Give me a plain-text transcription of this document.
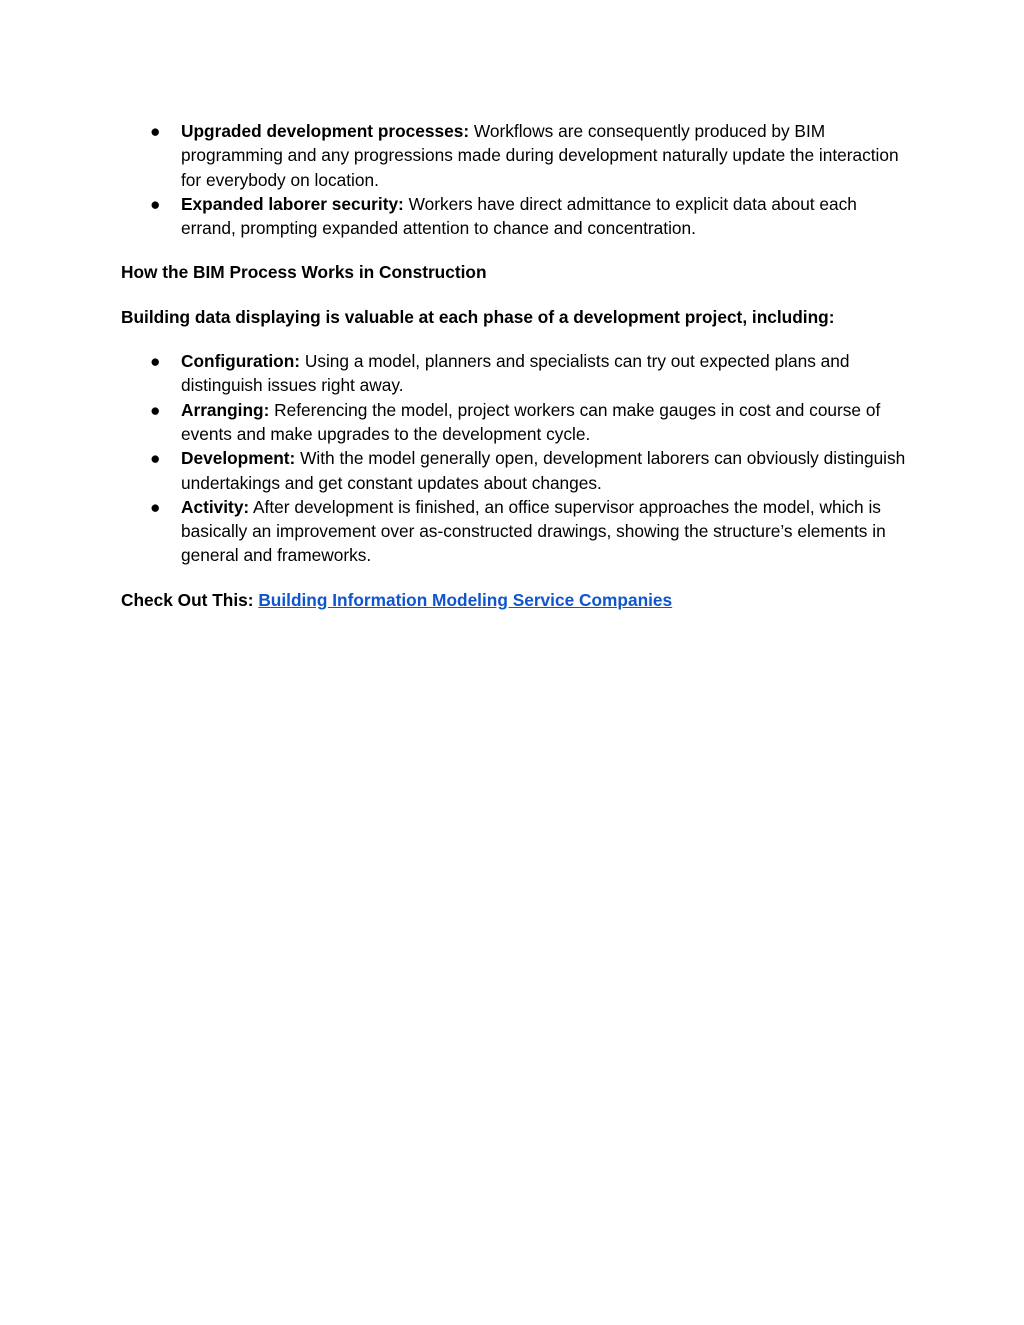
●	Upgraded development processes: Workflows are consequently produced by BIM programming and any progressions made during development naturally update the interaction for everybody on location.
●	Expanded laborer security: Workers have direct admittance to explicit data about each errand, prompting expanded attention to chance and concentration.

How the BIM Process Works in Construction

Building data displaying is valuable at each phase of a development project, including:

●	Configuration: Using a model, planners and specialists can try out expected plans and distinguish issues right away.
●	Arranging: Referencing the model, project workers can make gauges in cost and course of events and make upgrades to the development cycle.
●	Development: With the model generally open, development laborers can obviously distinguish undertakings and get constant updates about changes.
●	Activity: After development is finished, an office supervisor approaches the model, which is basically an improvement over as-constructed drawings, showing the structure’s elements in general and frameworks.

Check Out This: Building Information Modeling Service Companies
